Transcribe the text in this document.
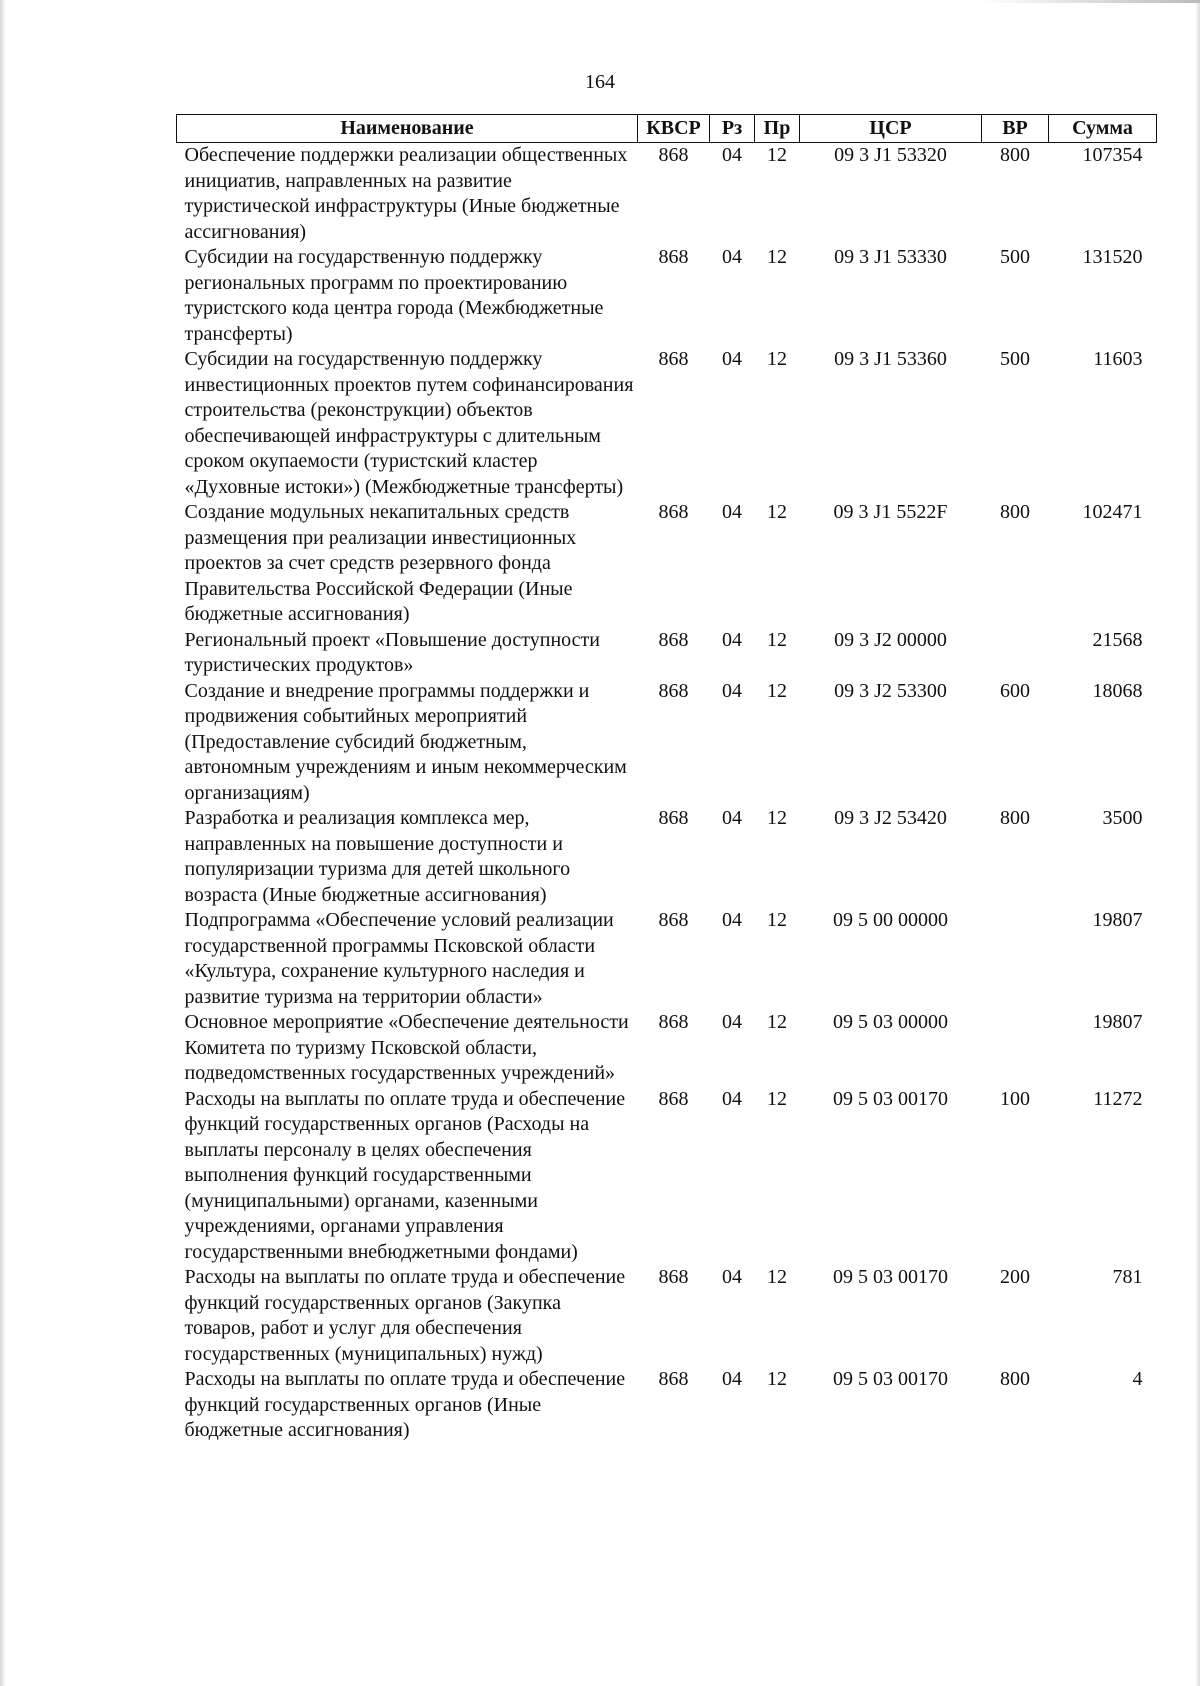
164
Наименование	КВСР	Рз	Пр	ЦСР	ВР	Сумма
Обеспечение поддержки реализации общественных инициатив, направленных на развитие туристической инфраструктуры (Иные бюджетные ассигнования)	868	04	12	09 3 J1 53320	800	107354
Субсидии на государственную поддержку региональных программ по проектированию туристского кода центра города (Межбюджетные трансферты)	868	04	12	09 3 J1 53330	500	131520
Субсидии на государственную поддержку инвестиционных проектов путем софинансирования строительства (реконструкции) объектов обеспечивающей инфраструктуры с длительным сроком окупаемости (туристский кластер «Духовные истоки») (Межбюджетные трансферты)	868	04	12	09 3 J1 53360	500	11603
Создание модульных некапитальных средств размещения при реализации инвестиционных проектов за счет средств резервного фонда Правительства Российской Федерации (Иные бюджетные ассигнования)	868	04	12	09 3 J1 5522F	800	102471
Региональный проект «Повышение доступности туристических продуктов»	868	04	12	09 3 J2 00000		21568
Создание и внедрение программы поддержки и продвижения событийных мероприятий (Предоставление субсидий бюджетным, автономным учреждениям и иным некоммерческим организациям)	868	04	12	09 3 J2 53300	600	18068
Разработка и реализация комплекса мер, направленных на повышение доступности и популяризации туризма для детей школьного возраста (Иные бюджетные ассигнования)	868	04	12	09 3 J2 53420	800	3500
Подпрограмма «Обеспечение условий реализации государственной программы Псковской области «Культура, сохранение культурного наследия и развитие туризма на территории области»	868	04	12	09 5 00 00000		19807
Основное мероприятие «Обеспечение деятельности Комитета по туризму Псковской области, подведомственных государственных учреждений»	868	04	12	09 5 03 00000		19807
Расходы на выплаты по оплате труда и обеспечение функций государственных органов (Расходы на выплаты персоналу в целях обеспечения выполнения функций государственными (муниципальными) органами, казенными учреждениями, органами управления государственными внебюджетными фондами)	868	04	12	09 5 03 00170	100	11272
Расходы на выплаты по оплате труда и обеспечение функций государственных органов (Закупка товаров, работ и услуг для обеспечения государственных (муниципальных) нужд)	868	04	12	09 5 03 00170	200	781
Расходы на выплаты по оплате труда и обеспечение функций государственных органов (Иные бюджетные ассигнования)	868	04	12	09 5 03 00170	800	4
